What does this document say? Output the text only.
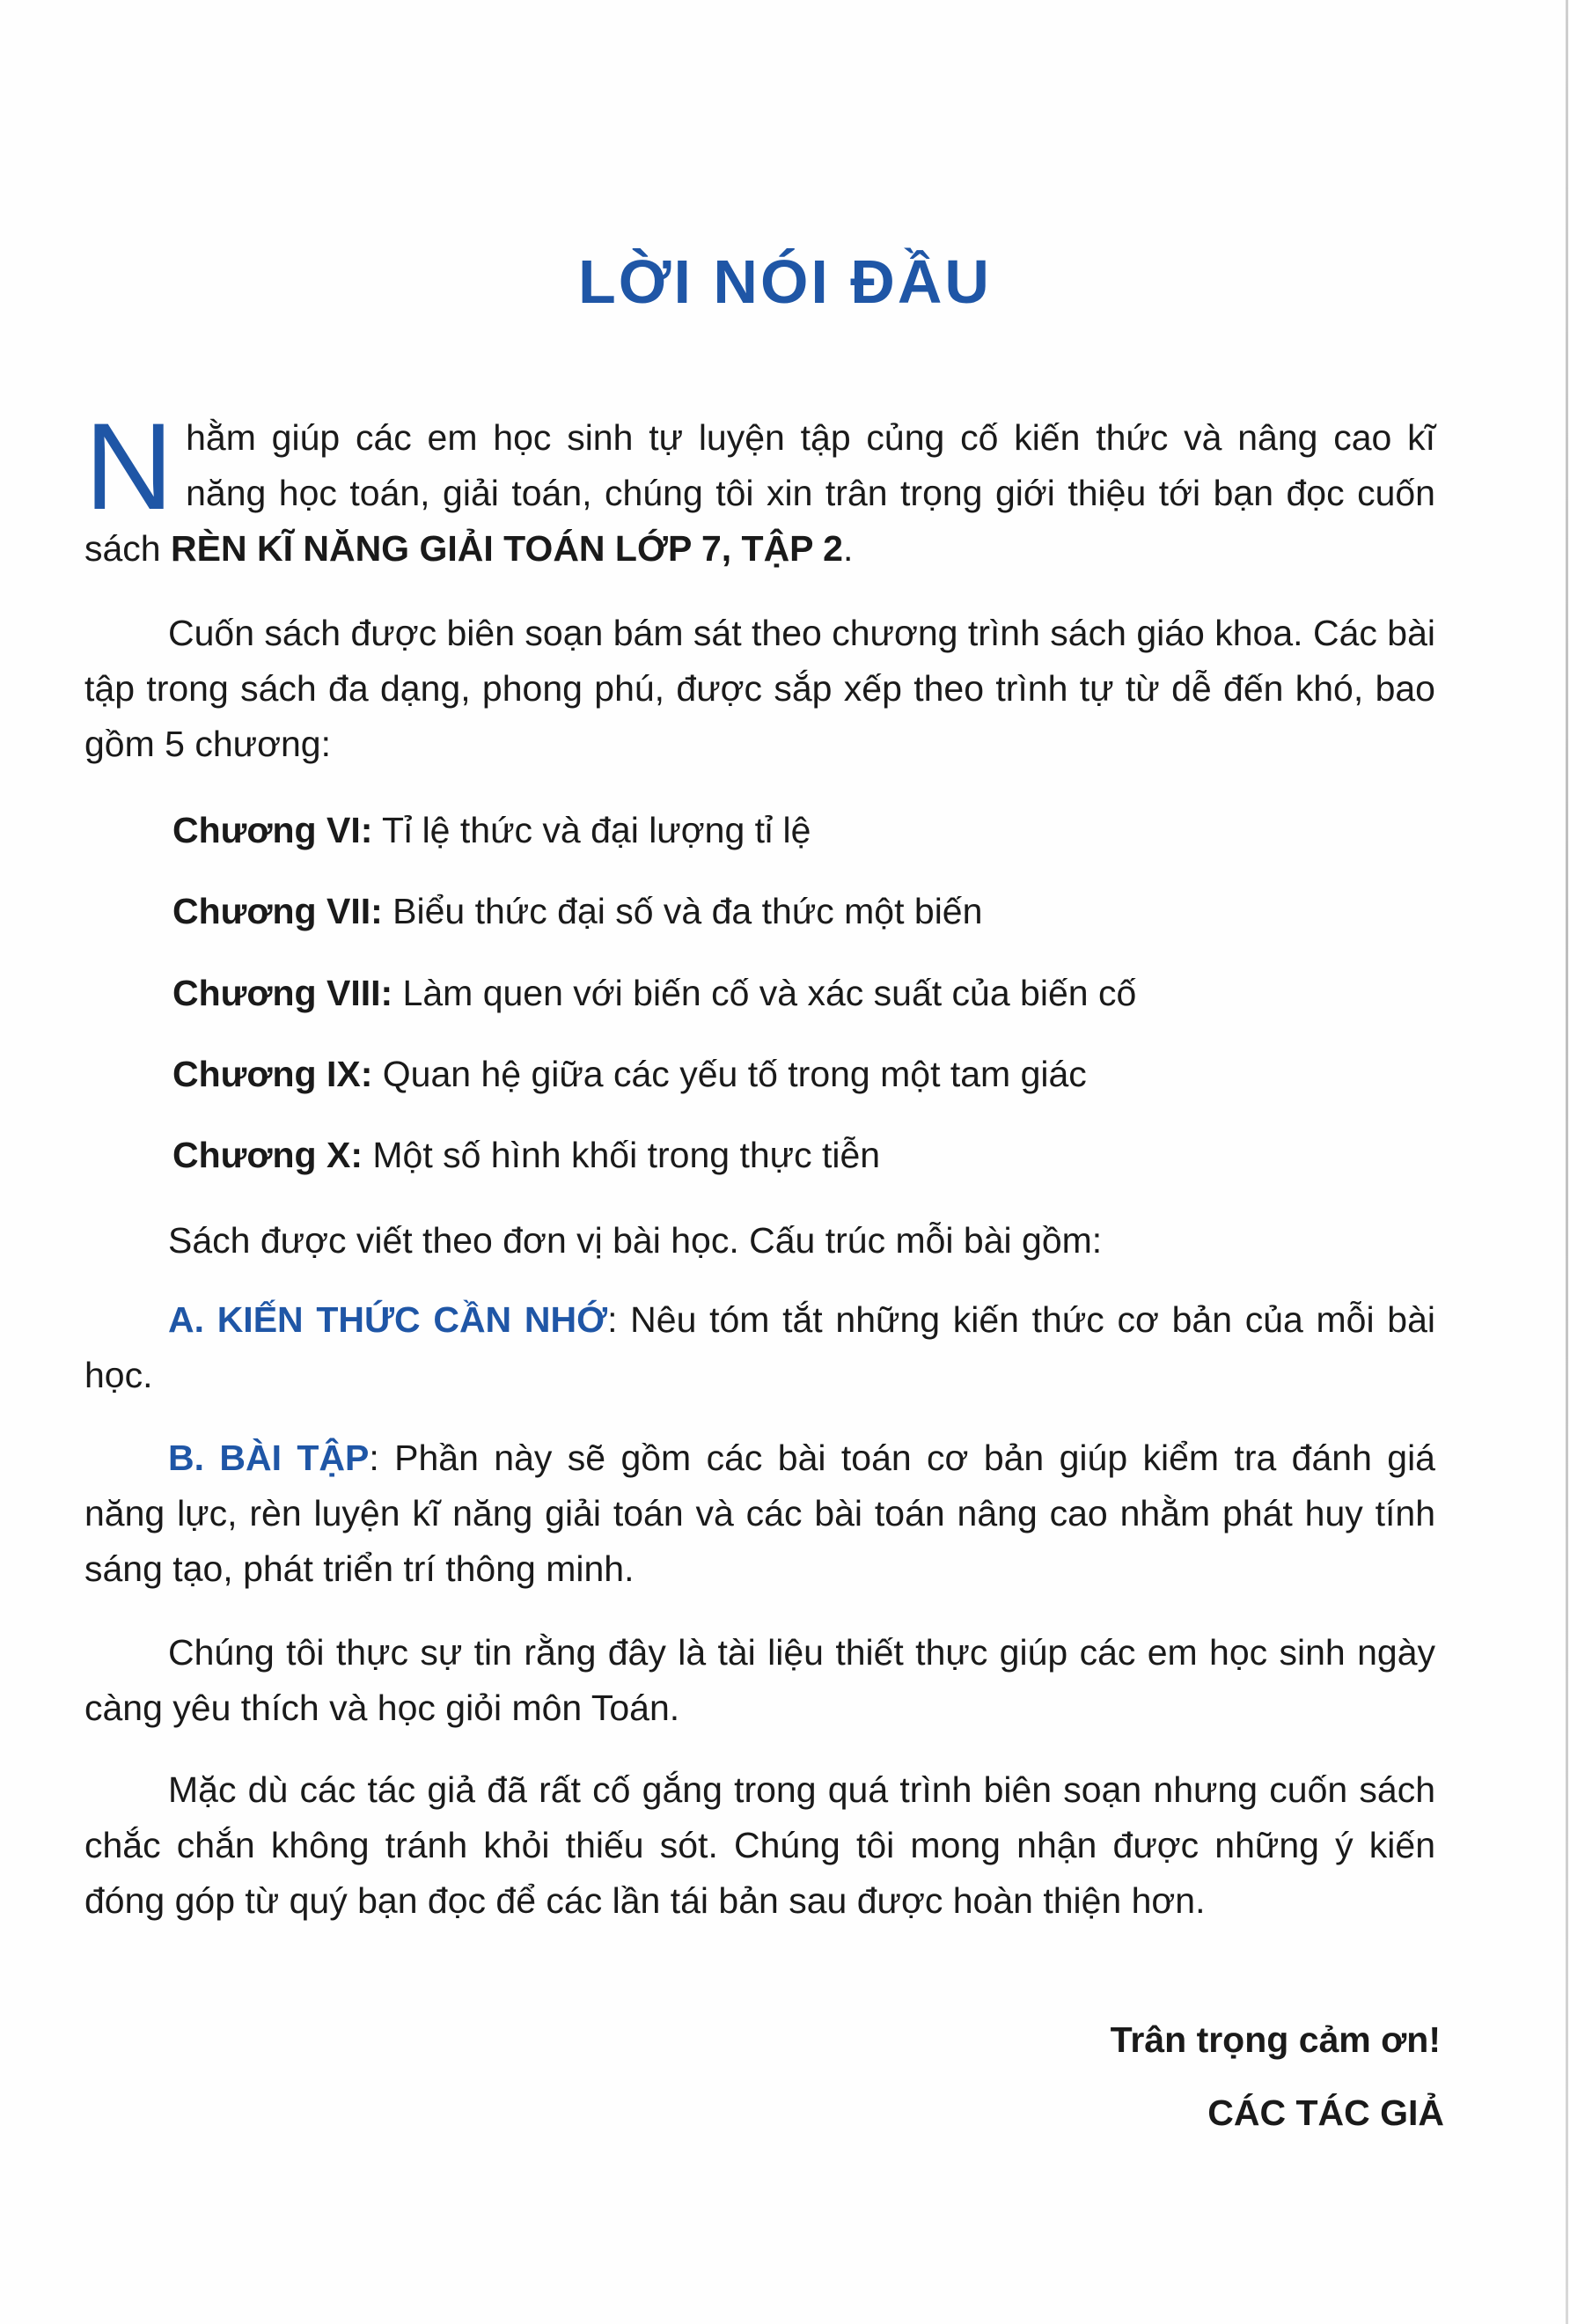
LỜI NÓI ĐẦU
Nhằm giúp các em học sinh tự luyện tập củng cố kiến thức và nâng cao kĩ năng học toán, giải toán, chúng tôi xin trân trọng giới thiệu tới bạn đọc cuốn sách RÈN KĨ NĂNG GIẢI TOÁN LỚP 7, TẬP 2.
Cuốn sách được biên soạn bám sát theo chương trình sách giáo khoa. Các bài tập trong sách đa dạng, phong phú, được sắp xếp theo trình tự từ dễ đến khó, bao gồm 5 chương:
Chương VI: Tỉ lệ thức và đại lượng tỉ lệ
Chương VII: Biểu thức đại số và đa thức một biến
Chương VIII: Làm quen với biến cố và xác suất của biến cố
Chương IX: Quan hệ giữa các yếu tố trong một tam giác
Chương X: Một số hình khối trong thực tiễn
Sách được viết theo đơn vị bài học. Cấu trúc mỗi bài gồm:
A. KIẾN THỨC CẦN NHỚ: Nêu tóm tắt những kiến thức cơ bản của mỗi bài học.
B. BÀI TẬP: Phần này sẽ gồm các bài toán cơ bản giúp kiểm tra đánh giá năng lực, rèn luyện kĩ năng giải toán và các bài toán nâng cao nhằm phát huy tính sáng tạo, phát triển trí thông minh.
Chúng tôi thực sự tin rằng đây là tài liệu thiết thực giúp các em học sinh ngày càng yêu thích và học giỏi môn Toán.
Mặc dù các tác giả đã rất cố gắng trong quá trình biên soạn nhưng cuốn sách chắc chắn không tránh khỏi thiếu sót. Chúng tôi mong nhận được những ý kiến đóng góp từ quý bạn đọc để các lần tái bản sau được hoàn thiện hơn.
Trân trọng cảm ơn!
CÁC TÁC GIẢ
